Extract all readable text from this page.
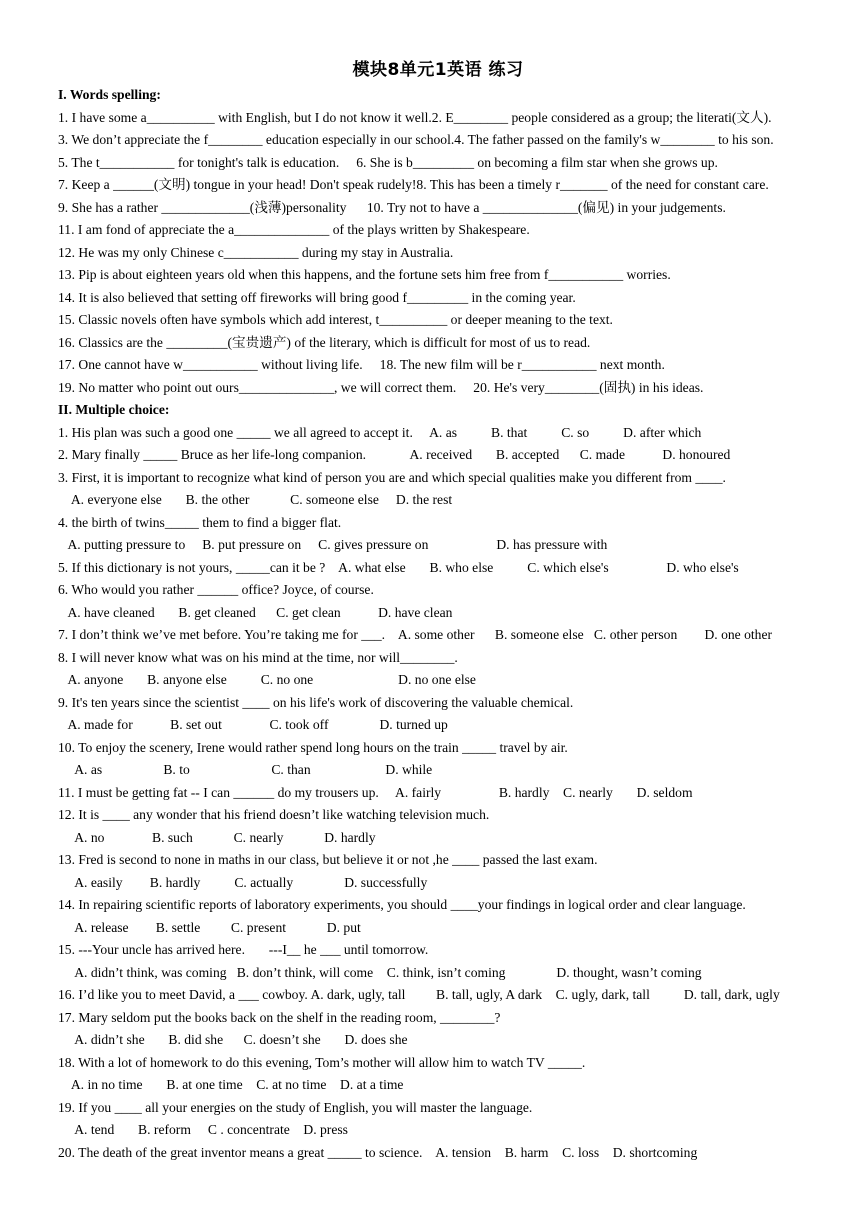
模块8单元1英语 练习
I. Words spelling:
1. I have some a__________ with English, but I do not know it well.2. E________ people considered as a group; the literati(文人).
3. We don’t appreciate the f________ education especially in our school.4. The father passed on the family's w________ to his son.
5. The t___________ for tonight's talk is education.     6. She is b_________ on becoming a film star when she grows up.
7. Keep a ______(文明) tongue in your head! Don't speak rudely!8. This has been a timely r_______ of the need for constant care.
9. She has a rather _____________(浅薄)personality      10. Try not to have a ______________(偏见) in your judgements.
11. I am fond of appreciate the a______________ of the plays written by Shakespeare.
12. He was my only Chinese c___________ during my stay in Australia.
13. Pip is about eighteen years old when this happens, and the fortune sets him free from f___________ worries.
14. It is also believed that setting off fireworks will bring good f_________ in the coming year.
15. Classic novels often have symbols which add interest, t__________ or deeper meaning to the text.
16. Classics are the _________(宝贵遗产) of the literary, which is difficult for most of us to read.
17. One cannot have w___________ without living life.     18. The new film will be r___________ next month.
19. No matter who point out ours______________, we will correct them.     20. He's very________(固执) in his ideas.
II. Multiple choice:
1. His plan was such a good one _____ we all agreed to accept it.     A. as          B. that          C. so          D. after which
2. Mary finally _____ Bruce as her life-long companion.             A. received       B. accepted      C. made           D. honoured
3. First, it is important to recognize what kind of person you are and which special qualities make you different from ____.
A. everyone else       B. the other            C. someone else     D. the rest
4. the birth of twins_____ them to find a bigger flat.
A. putting pressure to     B. put pressure on     C. gives pressure on                    D. has pressure with
5. If this dictionary is not yours, _____can it be ?    A. what else       B. who else          C. which else's                 D. who else's
6. Who would you rather ______ office? Joyce, of course.
A. have cleaned       B. get cleaned      C. get clean           D. have clean
7. I don’t think we’ve met before. You’re taking me for ___.    A. some other      B. someone else   C. other person        D. one other
8. I will never know what was on his mind at the time, nor will________.
A. anyone       B. anyone else          C. no one                         D. no one else
9. It's ten years since the scientist ____ on his life's work of discovering the valuable chemical.
A. made for           B. set out              C. took off               D. turned up
10. To enjoy the scenery, Irene would rather spend long hours on the train _____ travel by air.
A. as                  B. to                        C. than                      D. while
11. I must be getting fat -- I can ______ do my trousers up.     A. fairly                 B. hardly    C. nearly       D. seldom
12. It is ____ any wonder that his friend doesn’t like watching television much.
A. no              B. such            C. nearly            D. hardly
13. Fred is second to none in maths in our class, but believe it or not ,he ____ passed the last exam.
A. easily        B. hardly          C. actually               D. successfully
14. In repairing scientific reports of laboratory experiments, you should ____your findings in logical order and clear language.
A. release        B. settle         C. present            D. put
15. ---Your uncle has arrived here.       ---I__ he ___ until tomorrow.
A. didn’t think, was coming   B. don’t think, will come    C. think, isn’t coming               D. thought, wasn’t coming
16. I’d like you to meet David, a ___ cowboy. A. dark, ugly, tall         B. tall, ugly, A dark    C. ugly, dark, tall          D. tall, dark, ugly
17. Mary seldom put the books back on the shelf in the reading room, ________?
A. didn’t she       B. did she      C. doesn’t she       D. does she
18. With a lot of homework to do this evening, Tom’s mother will allow him to watch TV _____.
A. in no time       B. at one time    C. at no time    D. at a time
19. If you ____ all your energies on the study of English, you will master the language.
A. tend       B. reform     C . concentrate    D. press
20. The death of the great inventor means a great _____ to science.    A. tension    B. harm    C. loss    D. shortcoming
